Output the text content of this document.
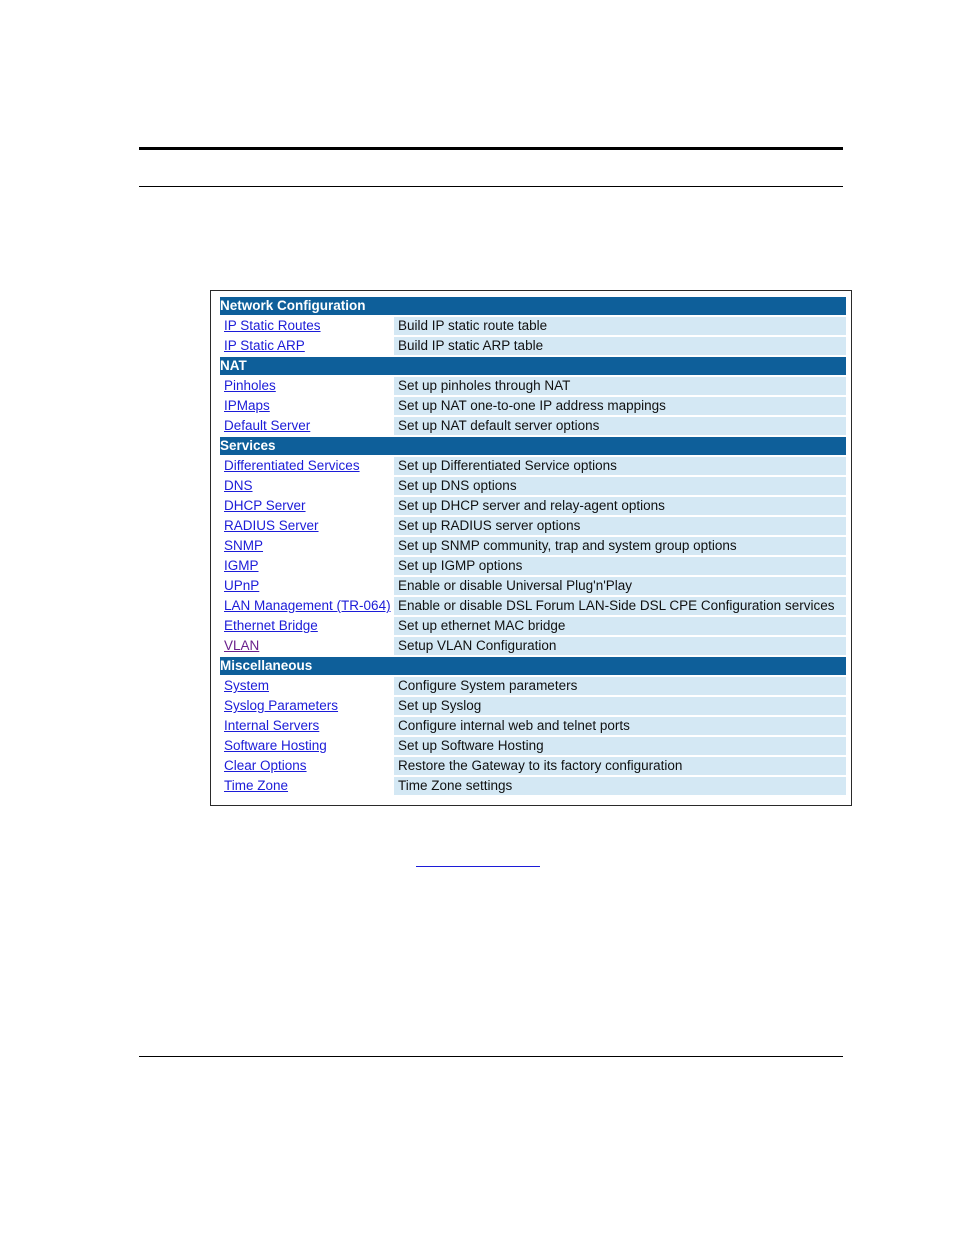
Network Configuration
IP Static Routes	Build IP static route table
IP Static ARP	Build IP static ARP table
NAT
Pinholes	Set up pinholes through NAT
IPMaps	Set up NAT one-to-one IP address mappings
Default Server	Set up NAT default server options
Services
Differentiated Services	Set up Differentiated Service options
DNS	Set up DNS options
DHCP Server	Set up DHCP server and relay-agent options
RADIUS Server	Set up RADIUS server options
SNMP	Set up SNMP community, trap and system group options
IGMP	Set up IGMP options
UPnP	Enable or disable Universal Plug'n'Play
LAN Management (TR-064) Enable or disable DSL Forum LAN-Side DSL CPE Configuration services
Ethernet Bridge	Set up ethernet MAC bridge
VLAN	Setup VLAN Configuration
Miscellaneous
System	Configure System parameters
Syslog Parameters	Set up Syslog
Internal Servers	Configure internal web and telnet ports
Software Hosting	Set up Software Hosting
Clear Options	Restore the Gateway to its factory configuration
Time Zone	Time Zone settings
